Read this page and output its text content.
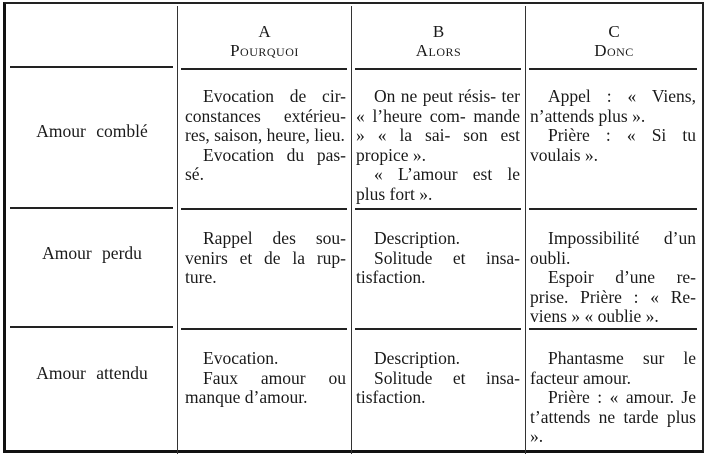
A
Pourquoi
B
Alors
C
Donc
Amour comblé

Evocation de cir- constances extérieu- res, saison, heure, lieu.

Evocation du pas- sé.

On ne peut résis- ter « l’heure com- mande » « la sai- son est propice ».

« L’amour est le plus fort ».

Appel : « Viens, n’attends plus ».

Prière : « Si tu voulais ».

Amour perdu

Rappel des sou- venirs et de la rup- ture.

Description.

Solitude et insa- tisfaction.

Impossibilité d’un oubli.

Espoir d’une re- prise. Prière : « Re- viens » « oublie ».

Amour attendu

Evocation.

Faux amour ou manque d’amour.

Description.

Solitude et insa- tisfaction.

Phantasme sur le facteur amour.

Prière : « amour. Je t’attends ne tarde plus ».
